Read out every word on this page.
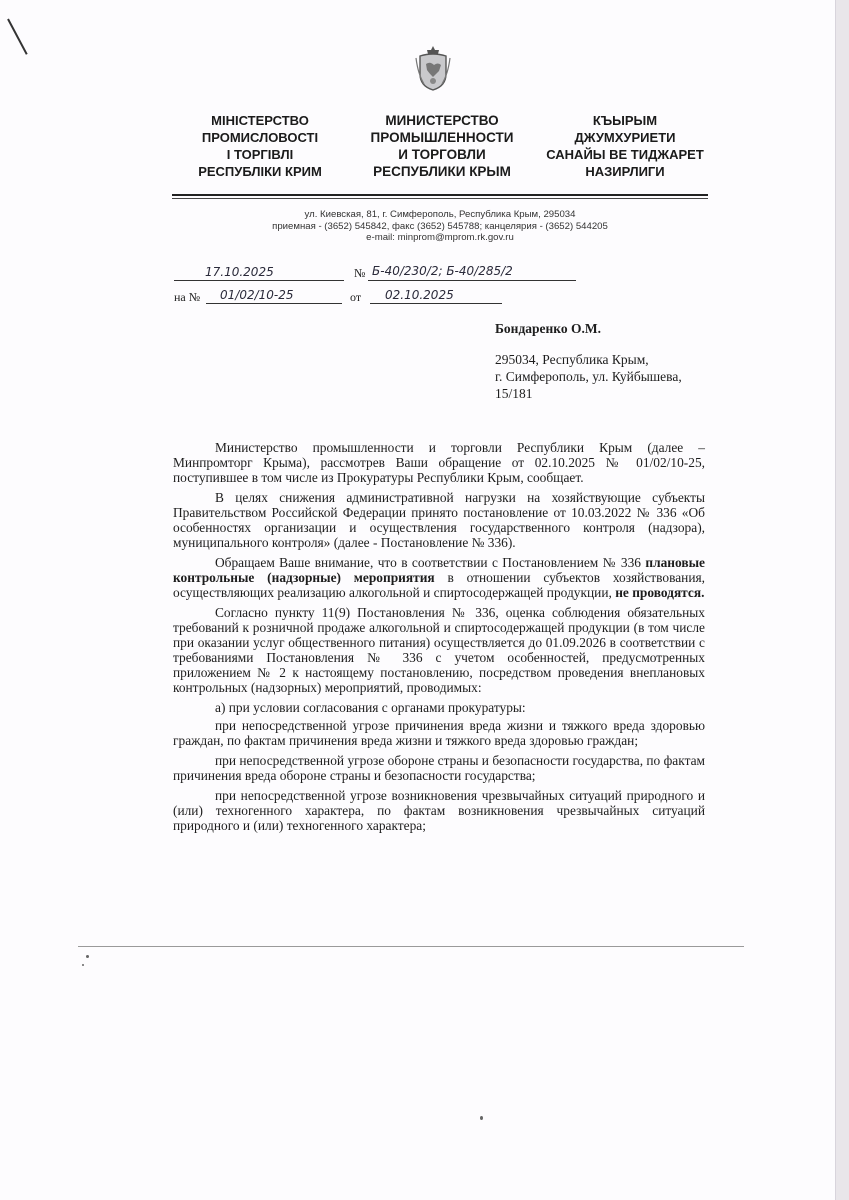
МІНІСТЕРСТВО
ПРОМИСЛОВОСТІ
І ТОРГІВЛІ
РЕСПУБЛІКИ КРИМ
МИНИСТЕРСТВО
ПРОМЫШЛЕННОСТИ
И ТОРГОВЛИ
РЕСПУБЛИКИ КРЫМ
КЪЫРЫМ
ДЖУМХУРИЕТИ
САНАЙЫ ВЕ ТИДЖАРЕТ
НАЗИРЛИГИ
ул. Киевская, 81, г. Симферополь, Республика Крым, 295034
приемная - (3652) 545842, факс (3652) 545788; канцелярия - (3652) 544205
e-mail: minprom@mprom.rk.gov.ru
17.10.2025	№ Б-40/230/2; Б-40/285/2
на № 01/02/10-25	от 02.10.2025
Бондаренко О.М.
295034, Республика Крым,
г. Симферополь, ул. Куйбышева,
15/181

Министерство промышленности и торговли Республики Крым (далее – Минпромторг Крыма), рассмотрев Ваши обращение от 02.10.2025 № 01/02/10-25, поступившее в том числе из Прокуратуры Республики Крым, сообщает.

В целях снижения административной нагрузки на хозяйствующие субъекты Правительством Российской Федерации принято постановление от 10.03.2022 № 336 «Об особенностях организации и осуществления государственного контроля (надзора), муниципального контроля» (далее - Постановление № 336).

Обращаем Ваше внимание, что в соответствии с Постановлением № 336 плановые контрольные (надзорные) мероприятия в отношении субъектов хозяйствования, осуществляющих реализацию алкогольной и спиртосодержащей продукции, не проводятся.

Согласно пункту 11(9) Постановления № 336, оценка соблюдения обязательных требований к розничной продаже алкогольной и спиртосодержащей продукции (в том числе при оказании услуг общественного питания) осуществляется до 01.09.2026 в соответствии с требованиями Постановления № 336 с учетом особенностей, предусмотренных приложением № 2 к настоящему постановлению, посредством проведения внеплановых контрольных (надзорных) мероприятий, проводимых:

а) при условии согласования с органами прокуратуры:

при непосредственной угрозе причинения вреда жизни и тяжкого вреда здоровью граждан, по фактам причинения вреда жизни и тяжкого вреда здоровью граждан;

при непосредственной угрозе обороне страны и безопасности государства, по фактам причинения вреда обороне страны и безопасности государства;

при непосредственной угрозе возникновения чрезвычайных ситуаций природного и (или) техногенного характера, по фактам возникновения чрезвычайных ситуаций природного и (или) техногенного характера;
